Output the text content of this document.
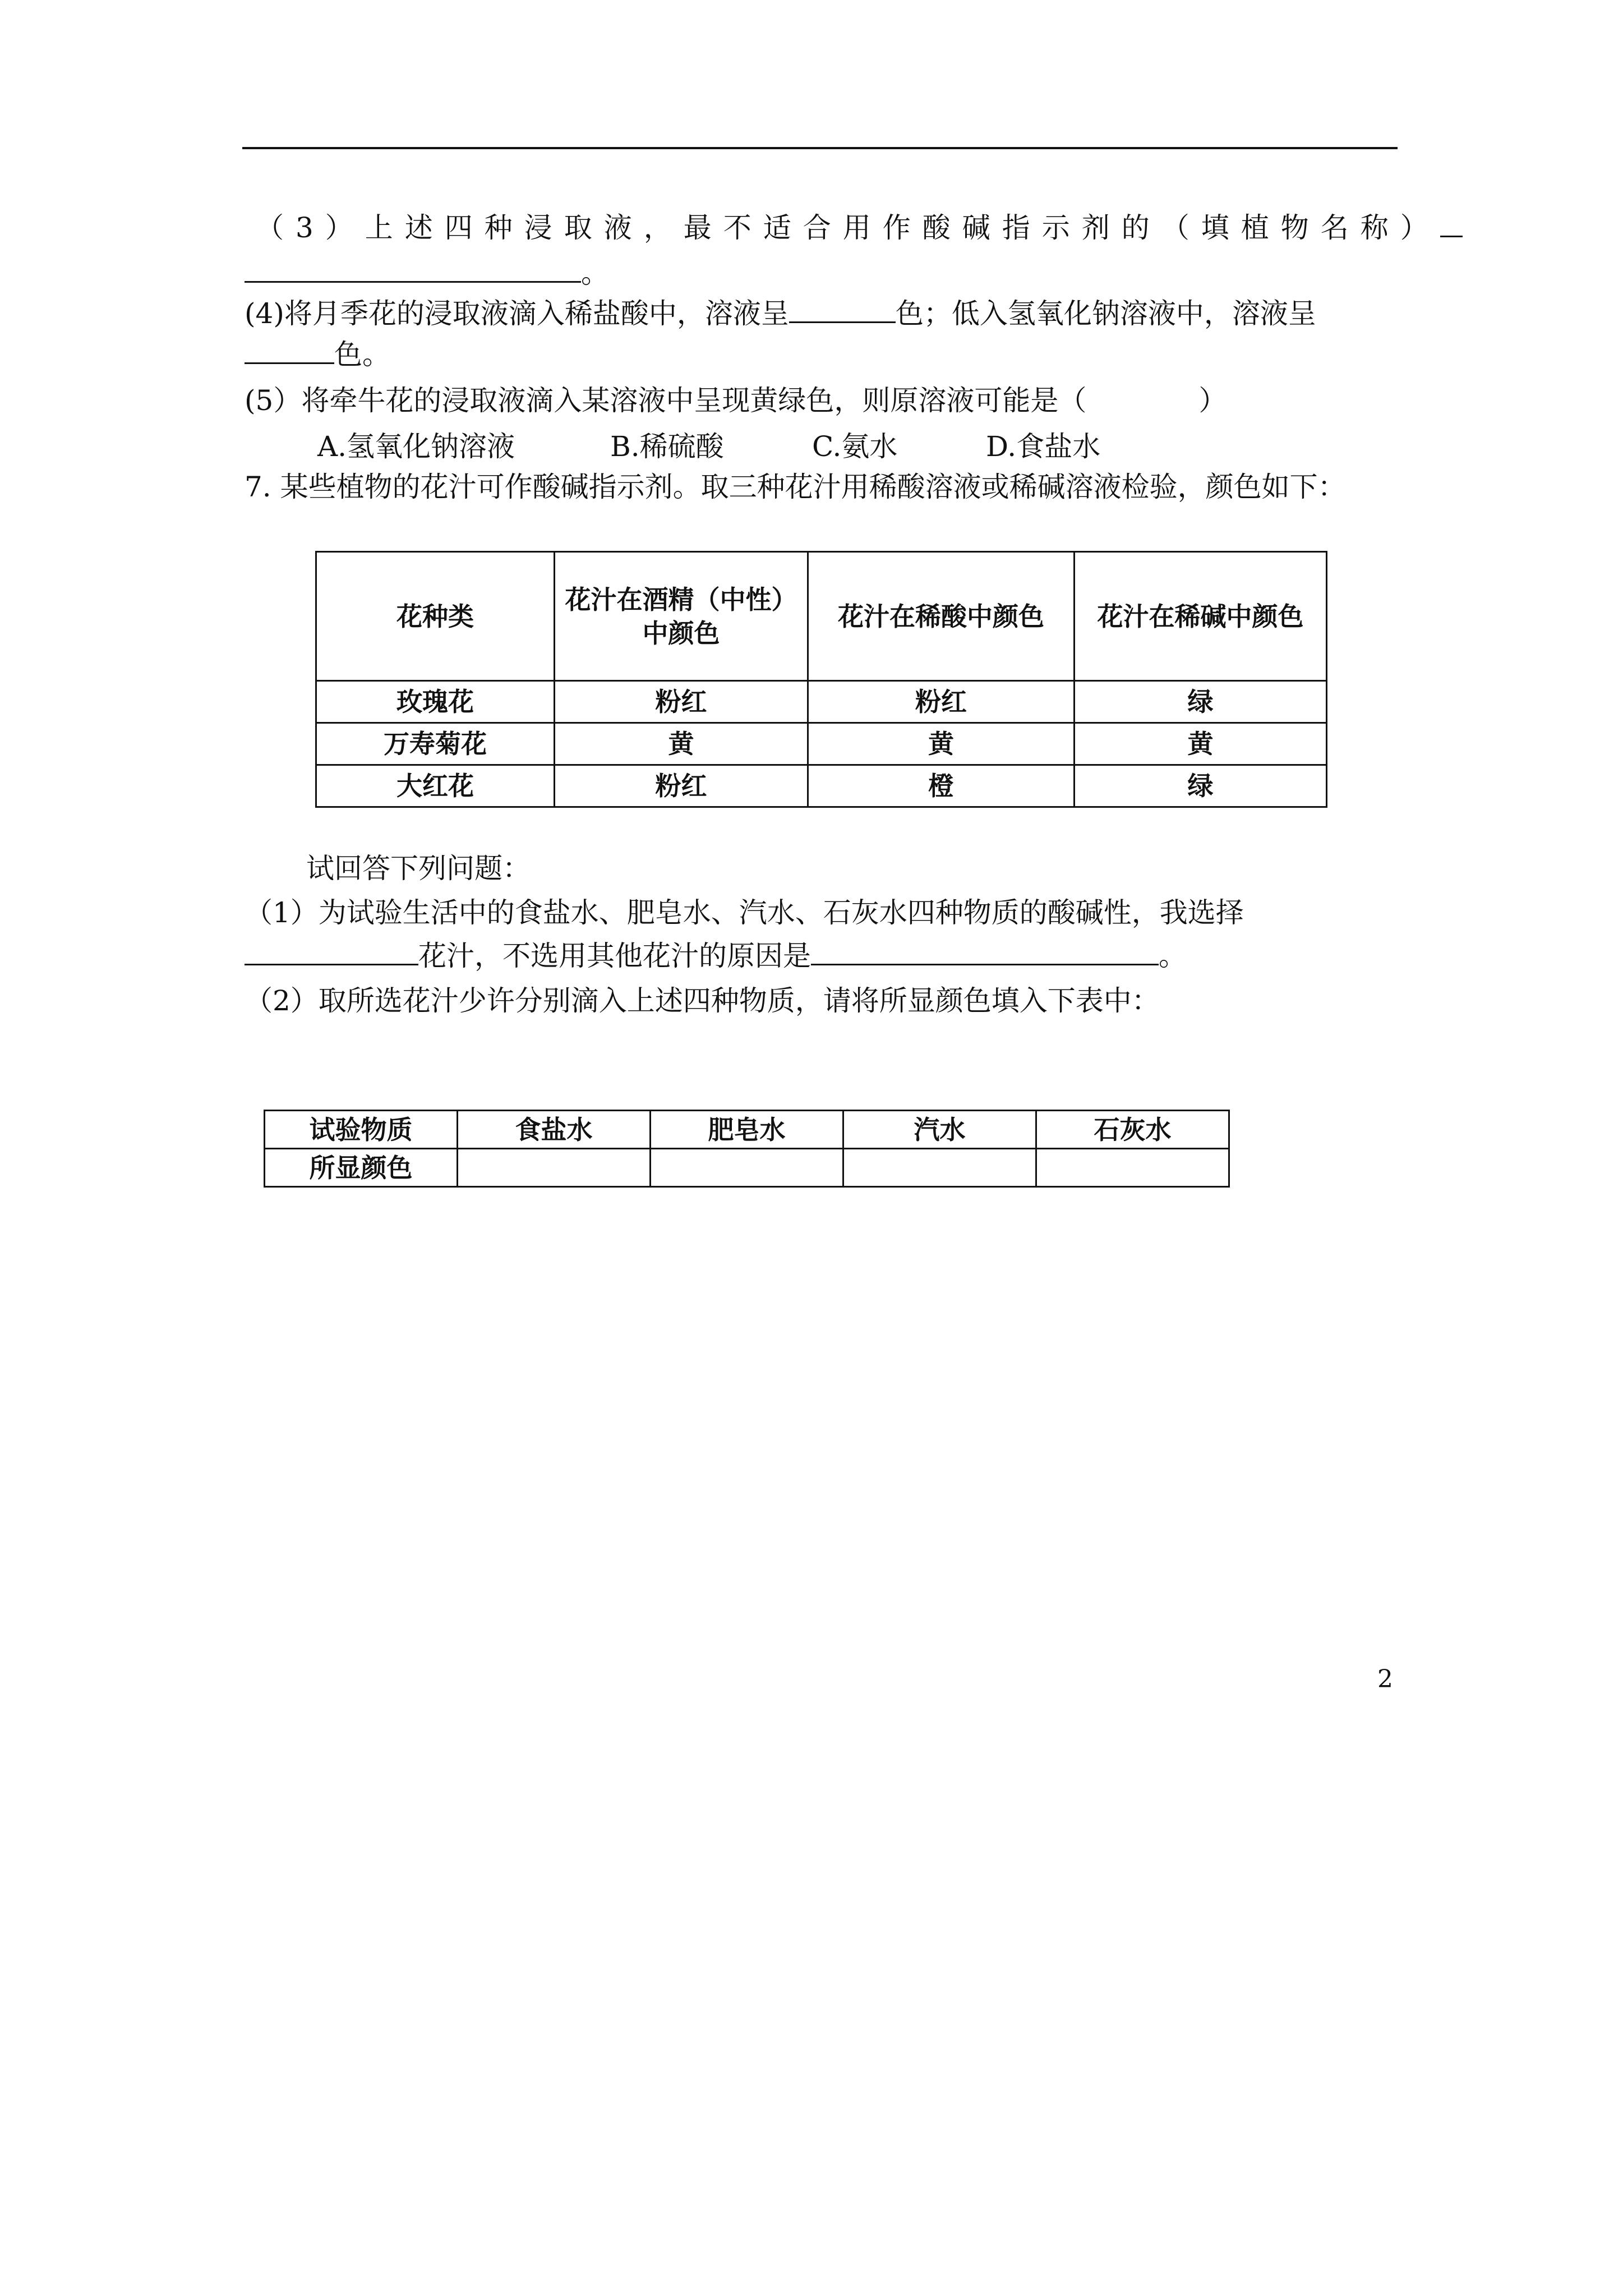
（3）上述四种浸取液，最不适合用作酸碱指示剂的（填植物名称）
。
(4)将月季花的浸取液滴入稀盐酸中，溶液呈	色；低入氢氧化钠溶液中，溶液呈
色。
(5）将牵牛花的浸取液滴入某溶液中呈现黄绿色，则原溶液可能是（	）
A.氢氧化钠溶液	B.稀硫酸	C.氨水	D.食盐水
7. 某些植物的花汁可作酸碱指示剂。取三种花汁用稀酸溶液或稀碱溶液检验，颜色如下：
花种类	花汁在酒精（中性）中颜色	花汁在稀酸中颜色	花汁在稀碱中颜色
玫瑰花	粉红	粉红	绿
万寿菊花	黄	黄	黄
大红花	粉红	橙	绿
试回答下列问题：
（1）为试验生活中的食盐水、肥皂水、汽水、石灰水四种物质的酸碱性，我选择
花汁，不选用其他花汁的原因是	。
（2）取所选花汁少许分别滴入上述四种物质，请将所显颜色填入下表中：
试验物质	食盐水	肥皂水	汽水	石灰水
所显颜色				
2
